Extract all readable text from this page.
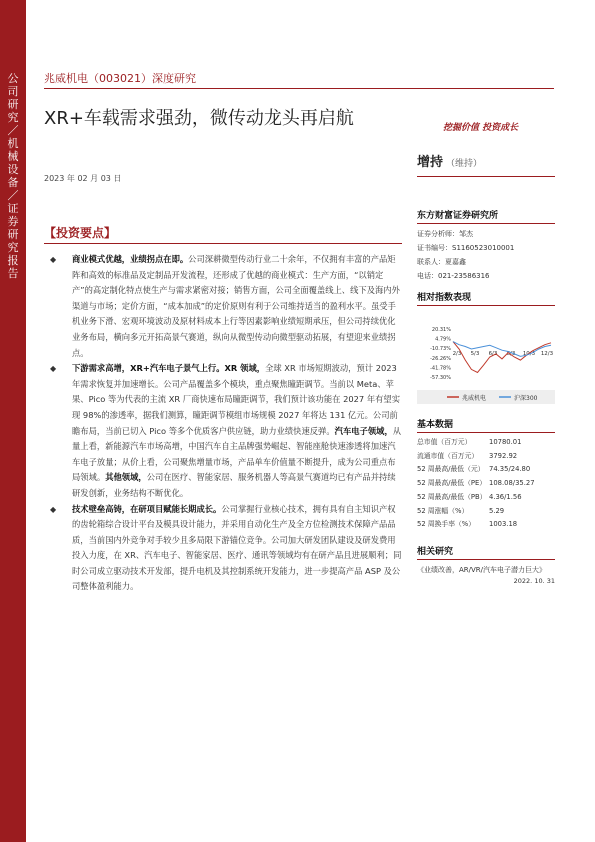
公司研究／机械设备／证券研究报告
兆威机电（003021）深度研究
XR+车载需求强劲，微传动龙头再启航	挖掘价值 投资成长
增持 （维持）
2023 年 02 月 03 日
【投资要点】
◆ 商业模式优越，业绩拐点在即。公司深耕微型传动行业二十余年，不仅拥有丰富的产品矩阵和高效的标准品及定制品开发流程，还形成了优越的商业模式：生产方面，“以销定产”的高定制化特点使生产与需求紧密对接；销售方面，公司全面覆盖线上、线下及海内外渠道与市场；定价方面，“成本加成”的定价原则有利于公司维持适当的盈利水平。虽受手机业务下滑、宏观环境波动及原材料成本上行等因素影响业绩短期承压，但公司持续优化业务布局，横向多元开拓高景气赛道，纵向从微型传动向微型驱动拓展，有望迎来业绩拐点。
◆ 下游需求高增，XR+汽车电子景气上行。XR 领域，全球 XR 市场短期波动，预计 2023 年需求恢复并加速增长。公司产品覆盖多个模块，重点聚焦瞳距调节。当前以 Meta、苹果、Pico 等为代表的主流 XR 厂商快速布局瞳距调节，我们预计该功能在 2027 年有望实现 98%的渗透率，据我们测算，瞳距调节模组市场规模 2027 年将达 131 亿元。公司前瞻布局，当前已切入 Pico 等多个优质客户供应链，助力业绩快速反弹。汽车电子领域，从量上看，新能源汽车市场高增，中国汽车自主品牌强势崛起、智能座舱快速渗透将加速汽车电子放量；从价上看，公司聚焦增量市场，产品单车价值量不断提升，成为公司重点布局领域。其他领域，公司在医疗、智能家居、服务机器人等高景气赛道均已有产品并持续研发创新，业务结构不断优化。
◆ 技术壁垒高铸，在研项目赋能长期成长。公司掌握行业核心技术，拥有具有自主知识产权的齿轮箱综合设计平台及模具设计能力，并采用自动化生产及全方位检测技术保障产品品质，当前国内外竞争对手较少且多局限下游锚位竞争。公司加大研发团队建设及研发费用投入力度，在 XR、汽车电子、智能家居、医疗、通讯等领域均有在研产品且进展顺利；同时公司成立驱动技术开发部，提升电机及其控制系统开发能力，进一步提高产品 ASP 及公司整体盈利能力。
东方财富证券研究所
证券分析师：邹杰
证书编号：S1160523010001
联系人：夏嘉鑫
电话：021-23586316
相对指数表现
20.31%
4.79%
-10.73%
-26.26%
-41.78%
-57.30%
2/3 5/3 6/3 8/3 10/3 12/3
兆威机电	沪深300
基本数据
总市值（百万元）	10780.01
流通市值（百万元）	3792.92
52 周最高/最低（元） 74.35/24.80
52 周最高/最低（PE） 108.08/35.27
52 周最高/最低（PB） 4.36/1.56
52 周涨幅（%）	5.29
52 周换手率（%）	1003.18
相关研究
《业绩改善，AR/VR/汽车电子潜力巨大》
2022. 10. 31
